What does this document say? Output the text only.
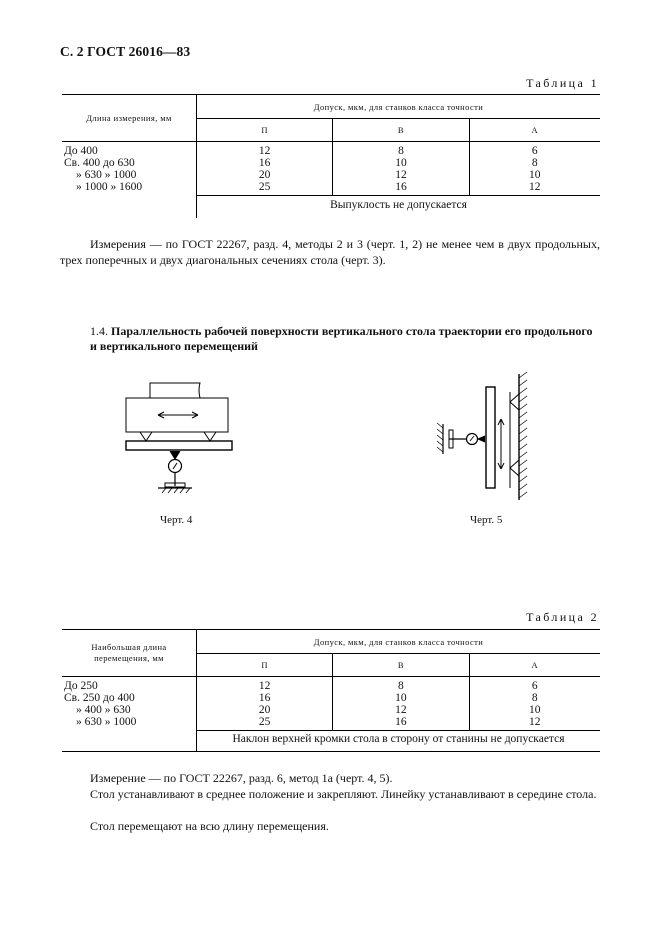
С. 2 ГОСТ 26016—83
Таблица 1
Длина измерения, мм	Допуск, мкм, для станков класса точности		
	П	В	А
До 400	12	8	6
Св. 400 до 630	16	10	8
» 630 » 1000	20	12	10
» 1000 » 1600	25	16	12
	Выпуклость не допускается		
Измерения — по ГОСТ 22267, разд. 4, методы 2 и 3 (черт. 1, 2) не менее чем в двух продольных, трех поперечных и двух диагональных сечениях стола (черт. 3).
1.4. Параллельность рабочей поверхности вертикального стола траектории его продольного и вертикального перемещений
Черт. 4	Черт. 5
Таблица 2
Наибольшая длина
перемещения, мм	Допуск, мкм, для станков класса точности		
	П	В	А
До 250	12	8	6
Св. 250 до 400	16	10	8
» 400 » 630	20	12	10
» 630 » 1000	25	16	12
	Наклон верхней кромки стола в сторону от станины не допускается		
Измерение — по ГОСТ 22267, разд. 6, метод 1а (черт. 4, 5).
Стол устанавливают в среднее положение и закрепляют. Линейку устанавливают в середине стола.
Стол перемещают на всю длину перемещения.
